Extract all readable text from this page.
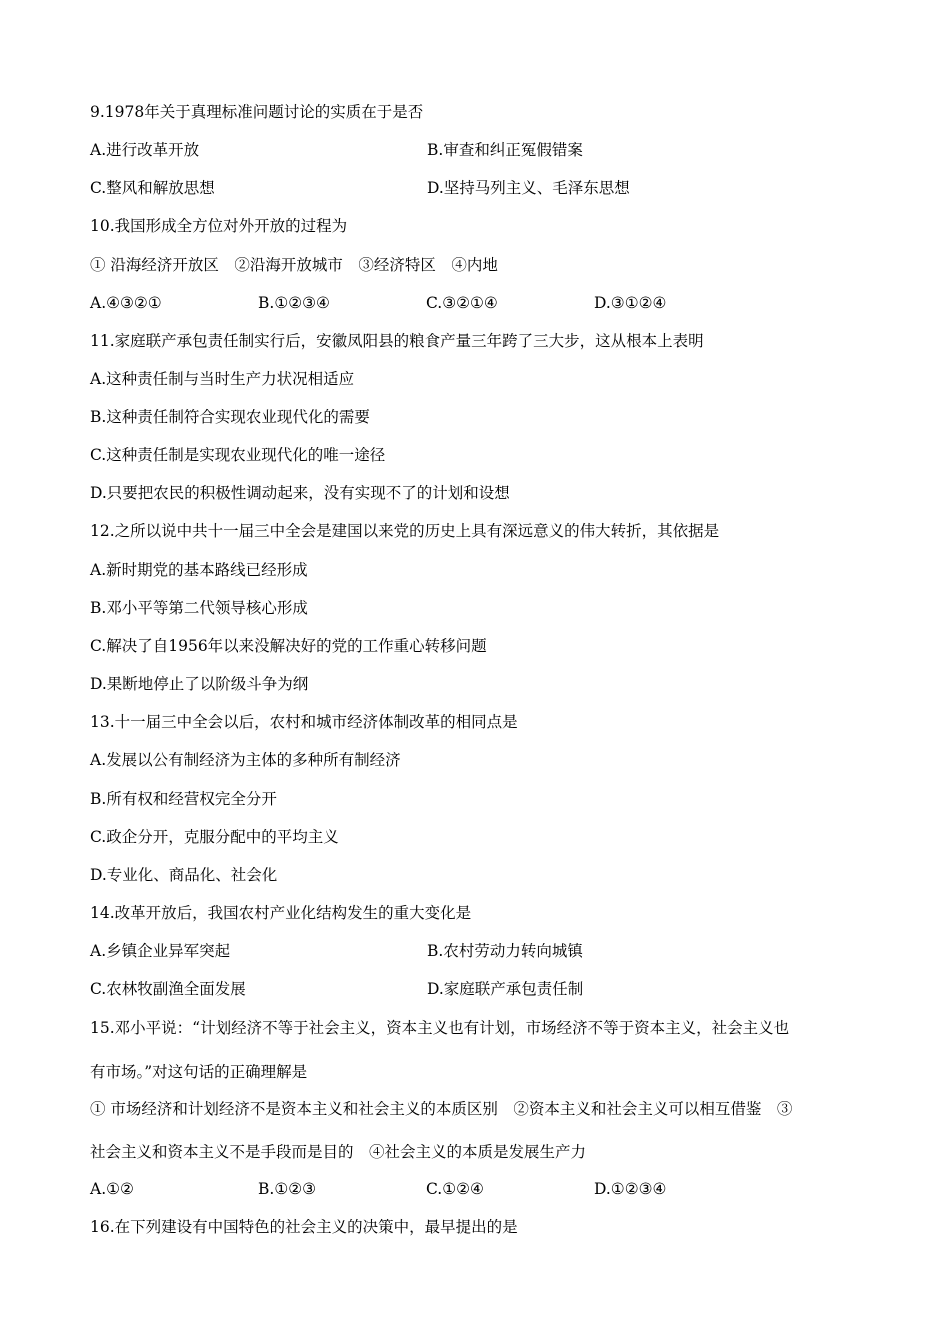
9.1978年关于真理标准问题讨论的实质在于是否
A.进行改革开放	B.审查和纠正冤假错案
C.整风和解放思想	D.坚持马列主义、毛泽东思想
10.我国形成全方位对外开放的过程为
① 沿海经济开放区　②沿海开放城市　③经济特区　④内地
A.④③②①	B.①②③④	C.③②①④	D.③①②④
11.家庭联产承包责任制实行后，安徽凤阳县的粮食产量三年跨了三大步，这从根本上表明
A.这种责任制与当时生产力状况相适应
B.这种责任制符合实现农业现代化的需要
C.这种责任制是实现农业现代化的唯一途径
D.只要把农民的积极性调动起来，没有实现不了的计划和设想
12.之所以说中共十一届三中全会是建国以来党的历史上具有深远意义的伟大转折，其依据是
A.新时期党的基本路线已经形成
B.邓小平等第二代领导核心形成
C.解决了自1956年以来没解决好的党的工作重心转移问题
D.果断地停止了以阶级斗争为纲
13.十一届三中全会以后，农村和城市经济体制改革的相同点是
A.发展以公有制经济为主体的多种所有制经济
B.所有权和经营权完全分开
C.政企分开，克服分配中的平均主义
D.专业化、商品化、社会化
14.改革开放后，我国农村产业化结构发生的重大变化是
A.乡镇企业异军突起	B.农村劳动力转向城镇
C.农林牧副渔全面发展	D.家庭联产承包责任制
15.邓小平说：“计划经济不等于社会主义，资本主义也有计划，市场经济不等于资本主义，社会主义也
有市场。”对这句话的正确理解是
① 市场经济和计划经济不是资本主义和社会主义的本质区别　②资本主义和社会主义可以相互借鉴　③
社会主义和资本主义不是手段而是目的　④社会主义的本质是发展生产力
A.①②	B.①②③	C.①②④	D.①②③④
16.在下列建设有中国特色的社会主义的决策中，最早提出的是
